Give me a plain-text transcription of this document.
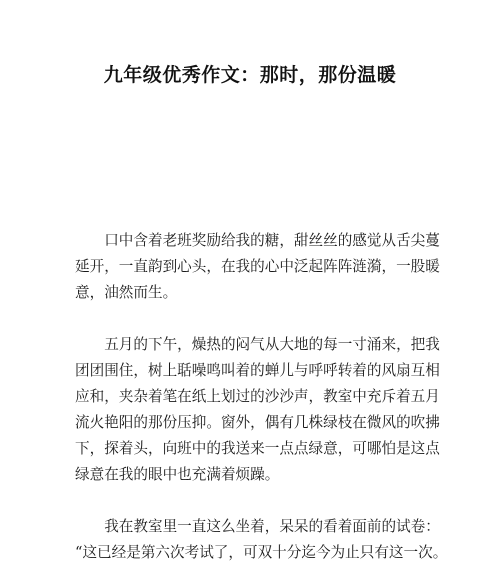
九年级优秀作文：那时，那份温暖
　　口中含着老班奖励给我的糖，甜丝丝的感觉从舌尖蔓
延开，一直韵到心头，在我的心中泛起阵阵涟漪，一股暖
意，油然而生。
　　五月的下午，燥热的闷气从大地的每一寸涌来，把我
团团围住，树上聒噪鸣叫着的蝉儿与呼呼转着的风扇互相
应和，夹杂着笔在纸上划过的沙沙声，教室中充斥着五月
流火艳阳的那份压抑。窗外，偶有几株绿枝在微风的吹拂
下，探着头，向班中的我送来一点点绿意，可哪怕是这点
绿意在我的眼中也充满着烦躁。
　　我在教室里一直这么坐着，呆呆的看着面前的试卷：
“这已经是第六次考试了，可双十分迄今为止只有这一次。
